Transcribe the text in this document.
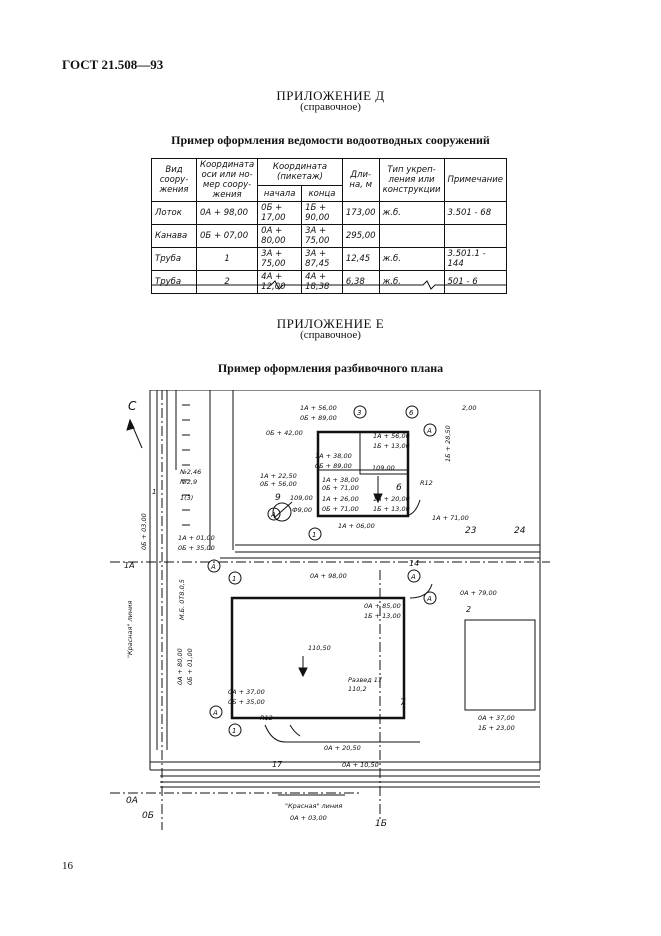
ГОСТ 21.508—93
ПРИЛОЖЕНИЕ Д
(справочное)
Пример оформления ведомости водоотводных сооружений
Вид соору-жения	Координата оси или но-мер соору-жения	Координата (пикетаж)		Дли-на, м	Тип укреп-ления или конструкции	Примечание
		начала	конца			
Лоток	0А + 98,00	0Б + 17,00	1Б + 90,00	173,00	ж.б.	3.501 - 68
Канава	0Б + 07,00	0А + 80,00	3А + 75,00	295,00		
Труба	1	3А + 75,00	3А + 87,45	12,45	ж.б.	3.501.1 - 144
Труба	2	4А + 12,00	4А + 18,38	6,38	ж.б.	501 - 6
ПРИЛОЖЕНИЕ Е
(справочное)
Пример оформления разбивочного плана
С	1А + 56,00
0Б + 89,00
0Б + 42,00	1А + 56,00
1Б + 13,00	1Б + 28,50
2,00
109,00
1А + 38,00
0Б + 89,00
1А + 22,50
0Б + 56,00
109,00
Ф9,00
1А + 38,00
0Б + 71,00
1А + 26,00
0Б + 71,00
1А + 20,00
1Б + 13,00
R12
1А + 71,00
1А + 06,00	23	24
1А + 01,00
0Б + 35,00
0Б + 03,00
1А
0А + 98,00
14
0А + 79,00
0А + 85,00
1Б + 13,00
2
110,50
Развед 17
110,2
7
0А + 37,00
0Б + 35,00
R12	0А + 37,00
1Б + 23,00
0А + 20,50
17	0А + 10,50
0А
0Б
"Красная" линия
"Красная" линия
0А + 03,00
1Б
0А + 80,00 0Б + 01,00
М.Б. 0Т8.0,5
3	6
А
1	А
А
А
1
1
А
А
9
6
1(3)
№2,46
№2,9
1
16
